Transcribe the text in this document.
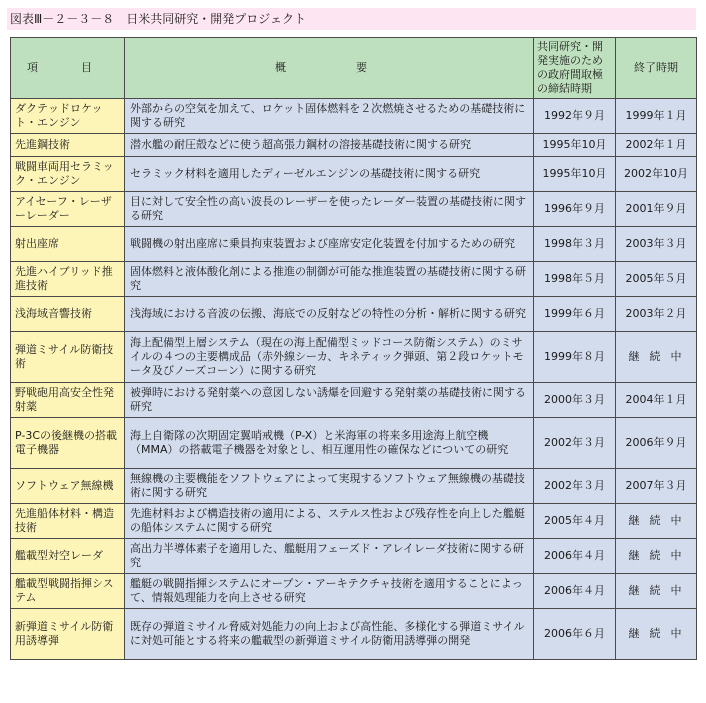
図表Ⅲ－２－３－８　日米共同研究・開発プロジェクト
項　目	概　　要	共同研究・開発実施のための政府間取極の締結時期	終了時期
ダクテッドロケット・エンジン	外部からの空気を加えて、ロケット固体燃料を２次燃焼させるための基礎技術に関する研究	1992年９月	1999年１月
先進鋼技術	潜水艦の耐圧殻などに使う超高張力鋼材の溶接基礎技術に関する研究	1995年10月	2002年１月
戦闘車両用セラミック・エンジン	セラミック材料を適用したディーゼルエンジンの基礎技術に関する研究	1995年10月	2002年10月
アイセーフ・レーザーレーダー	目に対して安全性の高い波長のレーザーを使ったレーダー装置の基礎技術に関する研究	1996年９月	2001年９月
射出座席	戦闘機の射出座席に乗員拘束装置および座席安定化装置を付加するための研究	1998年３月	2003年３月
先進ハイブリッド推進技術	固体燃料と液体酸化剤による推進の制御が可能な推進装置の基礎技術に関する研究	1998年５月	2005年５月
浅海域音響技術	浅海域における音波の伝搬、海底での反射などの特性の分析・解析に関する研究	1999年６月	2003年２月
弾道ミサイル防衛技術	海上配備型上層システム（現在の海上配備型ミッドコース防衛システム）のミサイルの４つの主要構成品（赤外線シーカ、キネティック弾頭、第２段ロケットモータ及びノーズコーン）に関する研究	1999年８月	継続中
野戦砲用高安全性発射薬	被弾時における発射薬への意図しない誘爆を回避する発射薬の基礎技術に関する研究	2000年３月	2004年１月
P-3Cの後継機の搭載電子機器	海上自衛隊の次期固定翼哨戒機（P-X）と米海軍の将来多用途海上航空機（MMA）の搭載電子機器を対象とし、相互運用性の確保などについての研究	2002年３月	2006年９月
ソフトウェア無線機	無線機の主要機能をソフトウェアによって実現するソフトウェア無線機の基礎技術に関する研究	2002年３月	2007年３月
先進船体材料・構造技術	先進材料および構造技術の適用による、ステルス性および残存性を向上した艦艇の船体システムに関する研究	2005年４月	継続中
艦載型対空レーダ	高出力半導体素子を適用した、艦艇用フェーズド・アレイレーダ技術に関する研究	2006年４月	継続中
艦載型戦闘指揮システム	艦艇の戦闘指揮システムにオープン・アーキテクチャ技術を適用することによって、情報処理能力を向上させる研究	2006年４月	継続中
新弾道ミサイル防衛用誘導弾	既存の弾道ミサイル脅威対処能力の向上および高性能、多様化する弾道ミサイルに対処可能とする将来の艦載型の新弾道ミサイル防衛用誘導弾の開発	2006年６月	継続中
